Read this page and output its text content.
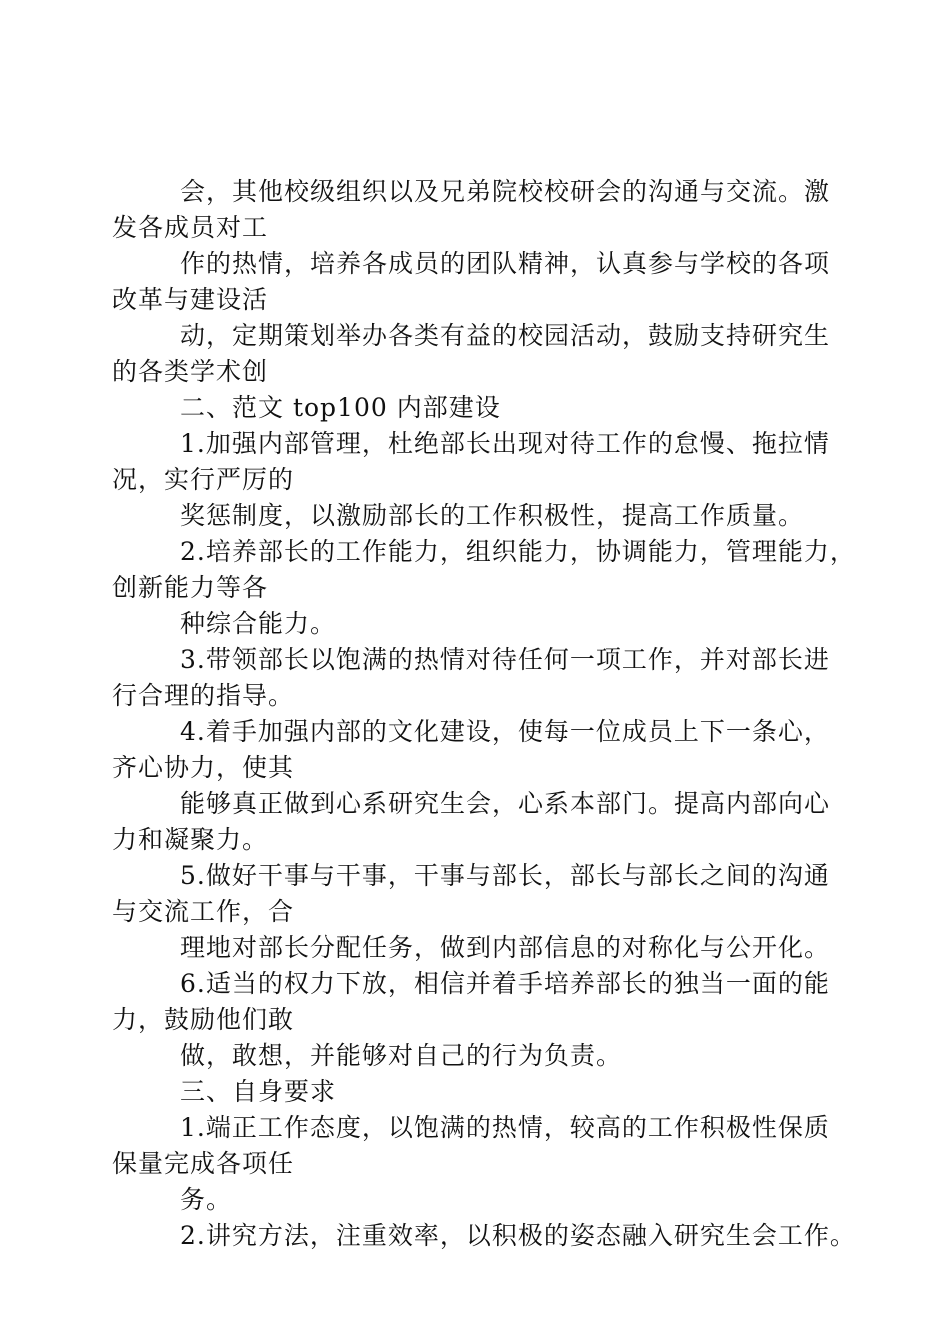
会，其他校级组织以及兄弟院校校研会的沟通与交流。激
发各成员对工
作的热情，培养各成员的团队精神，认真参与学校的各项
改革与建设活
动，定期策划举办各类有益的校园活动，鼓励支持研究生
的各类学术创
二、范文 top100 内部建设
1.加强内部管理，杜绝部长出现对待工作的怠慢、拖拉情
况，实行严厉的
奖惩制度，以激励部长的工作积极性，提高工作质量。
2.培养部长的工作能力，组织能力，协调能力，管理能力，
创新能力等各
种综合能力。
3.带领部长以饱满的热情对待任何一项工作，并对部长进
行合理的指导。
4.着手加强内部的文化建设，使每一位成员上下一条心，
齐心协力，使其
能够真正做到心系研究生会，心系本部门。提高内部向心
力和凝聚力。
5.做好干事与干事，干事与部长，部长与部长之间的沟通
与交流工作，合
理地对部长分配任务，做到内部信息的对称化与公开化。
6.适当的权力下放，相信并着手培养部长的独当一面的能
力，鼓励他们敢
做，敢想，并能够对自己的行为负责。
三、自身要求
1.端正工作态度，以饱满的热情，较高的工作积极性保质
保量完成各项任
务。
2.讲究方法，注重效率，以积极的姿态融入研究生会工作。
